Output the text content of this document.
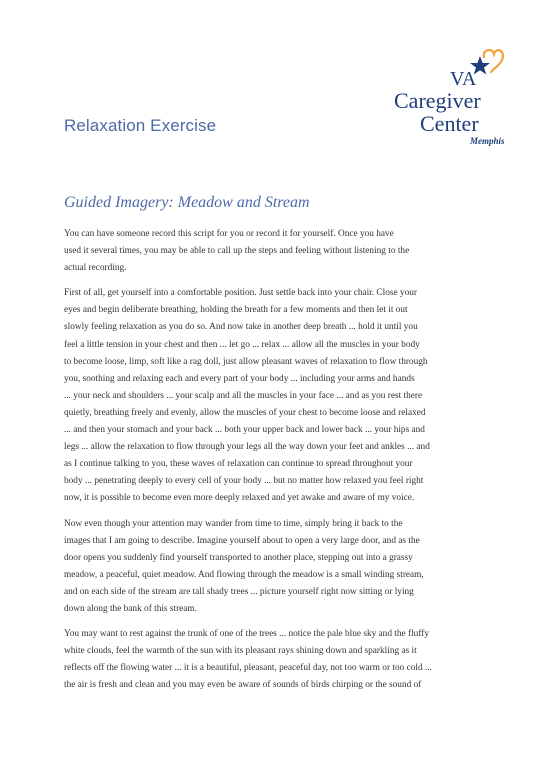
VA
Caregiver
Center
Memphis
Relaxation Exercise
Guided Imagery: Meadow and Stream

You can have someone record this script for you or record it for yourself. Once you have
used it several times, you may be able to call up the steps and feeling without listening to the
actual recording.

First of all, get yourself into a comfortable position. Just settle back into your chair. Close your
eyes and begin deliberate breathing, holding the breath for a few moments and then let it out
slowly feeling relaxation as you do so. And now take in another deep breath ... hold it until you
feel a little tension in your chest and then ... let go ... relax ... allow all the muscles in your body
to become loose, limp, soft like a rag doll, just allow pleasant waves of relaxation to flow through
you, soothing and relaxing each and every part of your body ... including your arms and hands
... your neck and shoulders ... your scalp and all the muscles in your face ... and as you rest there
quietly, breathing freely and evenly, allow the muscles of your chest to become loose and relaxed
... and then your stomach and your back ... both your upper back and lower back ... your hips and
legs ... allow the relaxation to flow through your legs all the way down your feet and ankles ... and
as I continue talking to you, these waves of relaxation can continue to spread throughout your
body ... penetrating deeply to every cell of your body ... but no matter how relaxed you feel right
now, it is possible to become even more deeply relaxed and yet awake and aware of my voice.

Now even though your attention may wander from time to time, simply bring it back to the
images that I am going to describe. Imagine yourself about to open a very large door, and as the
door opens you suddenly find yourself transported to another place, stepping out into a grassy
meadow, a peaceful, quiet meadow. And flowing through the meadow is a small winding stream,
and on each side of the stream are tall shady trees ... picture yourself right now sitting or lying
down along the bank of this stream.

You may want to rest against the trunk of one of the trees ... notice the pale blue sky and the fluffy
white clouds, feel the warmth of the sun with its pleasant rays shining down and sparkling as it
reflects off the flowing water ... it is a beautiful, pleasant, peaceful day, not too warm or too cold ...
the air is fresh and clean and you may even be aware of sounds of birds chirping or the sound of
